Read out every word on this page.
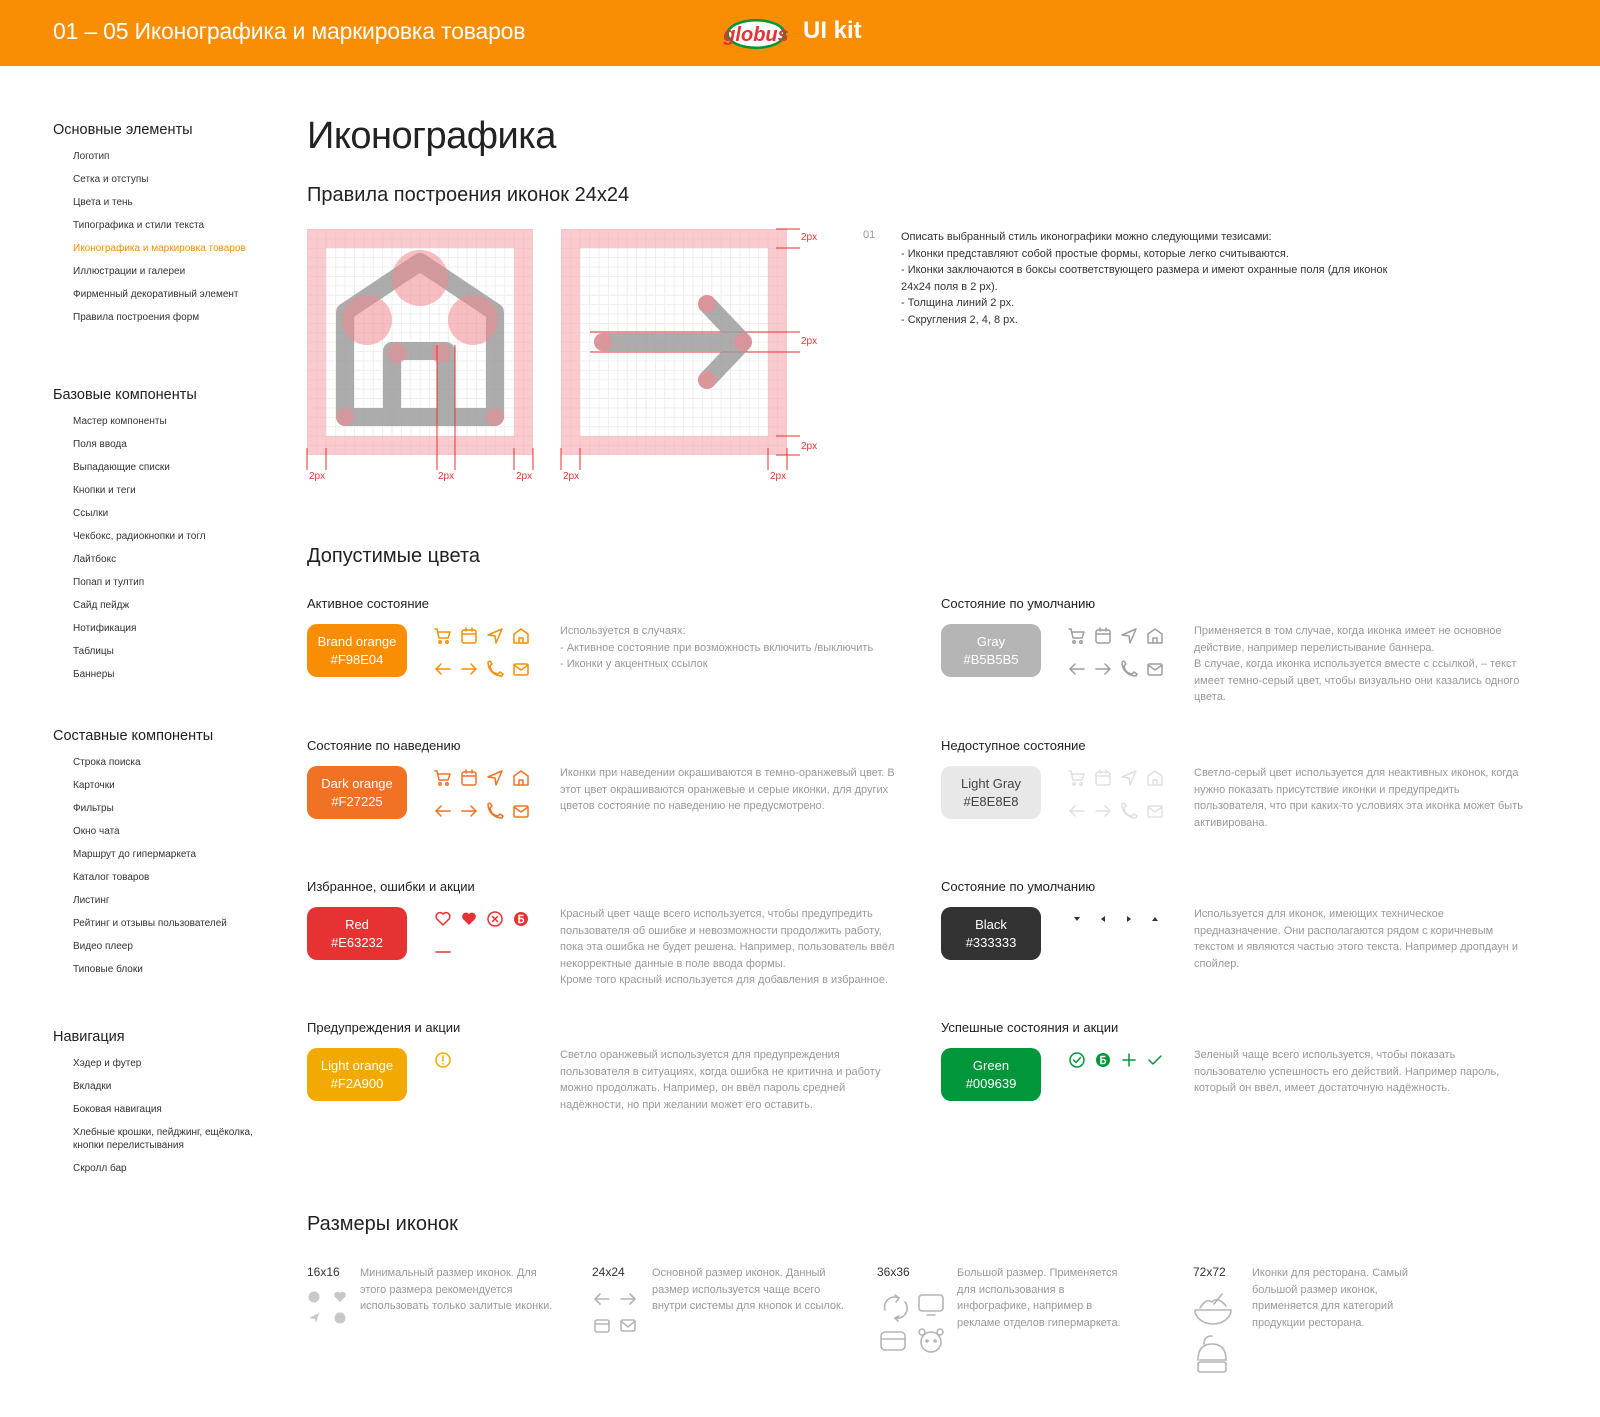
01 – 05 Иконографика и маркировка товаров	globus UI kit
Основные элементы
Логотип
Сетка и отступы
Цвета и тень
Типографика и стили текста
Иконографика и маркировка товаров
Иллюстрации и галереи
Фирменный декоративный элемент
Правила построения форм
Базовые компоненты
Мастер компоненты
Поля ввода
Выпадающие списки
Кнопки и теги
Ссылки
Чекбокс, радиокнопки и тогл
Лайтбокс
Попап и тултип
Сайд пейдж
Нотификация
Таблицы
Баннеры
Составные компоненты
Строка поиска
Карточки
Фильтры
Окно чата
Маршрут до гипермаркета
Каталог товаров
Листинг
Рейтинг и отзывы пользователей
Видео плеер
Типовые блоки
Навигация
Хэдер и футер
Вкладки
Боковая навигация
Хлебные крошки, пейджинг, ещёколка, кнопки перелистывания
Скролл бар
Иконографика
Правила построения иконок 24x24
2px	2px	2px	2px	2px
2px
2px
2px
01 Описать выбранный стиль иконографики можно следующими тезисами:
- Иконки представляют собой простые формы, которые легко считываются.
- Иконки заключаются в боксы соответствующего размера и имеют охранные поля (для иконок 24x24 поля в 2 px).
- Толщина линий 2 px.
- Скругления 2, 4, 8 px.
Допустимые цвета
Активное состояние
Brand orange
#F98E04
Используется в случаях:
- Активное состояние при возможность включить /выключить
- Иконки у акцентных ссылок
Состояние по наведению
Dark orange
#F27225
Иконки при наведении окрашиваются в темно-оранжевый цвет. В этот цвет окрашиваются оранжевые и серые иконки, для других цветов состояние по наведению не предусмотрено.
Избранное, ошибки и акции
Red
#E63232
Красный цвет чаще всего используется, чтобы предупредить пользователя об ошибке и невозможности продолжить работу, пока эта ошибка не будет решена. Например, пользователь ввёл некорректные данные в поле ввода формы.
Кроме того красный используется для добавления в избранное.
Предупреждения и акции
Light orange
#F2A900
Светло оранжевый используется для предупреждения пользователя в ситуациях, когда ошибка не критична и работу можно продолжать. Например, он ввёл пароль средней надёжности, но при желании может его оставить.
Состояние по умолчанию
Gray
#B5B5B5
Применяется в том случае, когда иконка имеет не основное действие, например перелистывание баннера.
В случае, когда иконка используется вместе с ссылкой, – текст имеет темно-серый цвет, чтобы визуально они казались одного цвета.
Недоступное состояние
Light Gray
#E8E8E8
Светло-серый цвет используется для неактивных иконок, когда нужно показать присутствие иконки и предупредить пользователя, что при каких-то условиях эта иконка может быть активирована.
Состояние по умолчанию
Black
#333333
Используется для иконок, имеющих техническое предназначение. Они располагаются рядом с коричневым текстом и являются частью этого текста. Например дропдаун и спойлер.
Успешные состояния и акции
Green
#009639
Зеленый чаще всего используется, чтобы показать пользователю успешность его действий. Например пароль, который он ввёл, имеет достаточную надёжность.
Размеры иконок
16x16 Минимальный размер иконок. Для этого размера рекомендуется использовать только залитые иконки.
24x24 Основной размер иконок. Данный размер используется чаще всего внутри системы для кнопок и ссылок.
36x36	Большой размер. Применяется для использования в инфографике, например в рекламе отделов гипермаркета.
72x72 Иконки для ресторана. Самый большой размер иконок, применяется для категорий продукции ресторана.
